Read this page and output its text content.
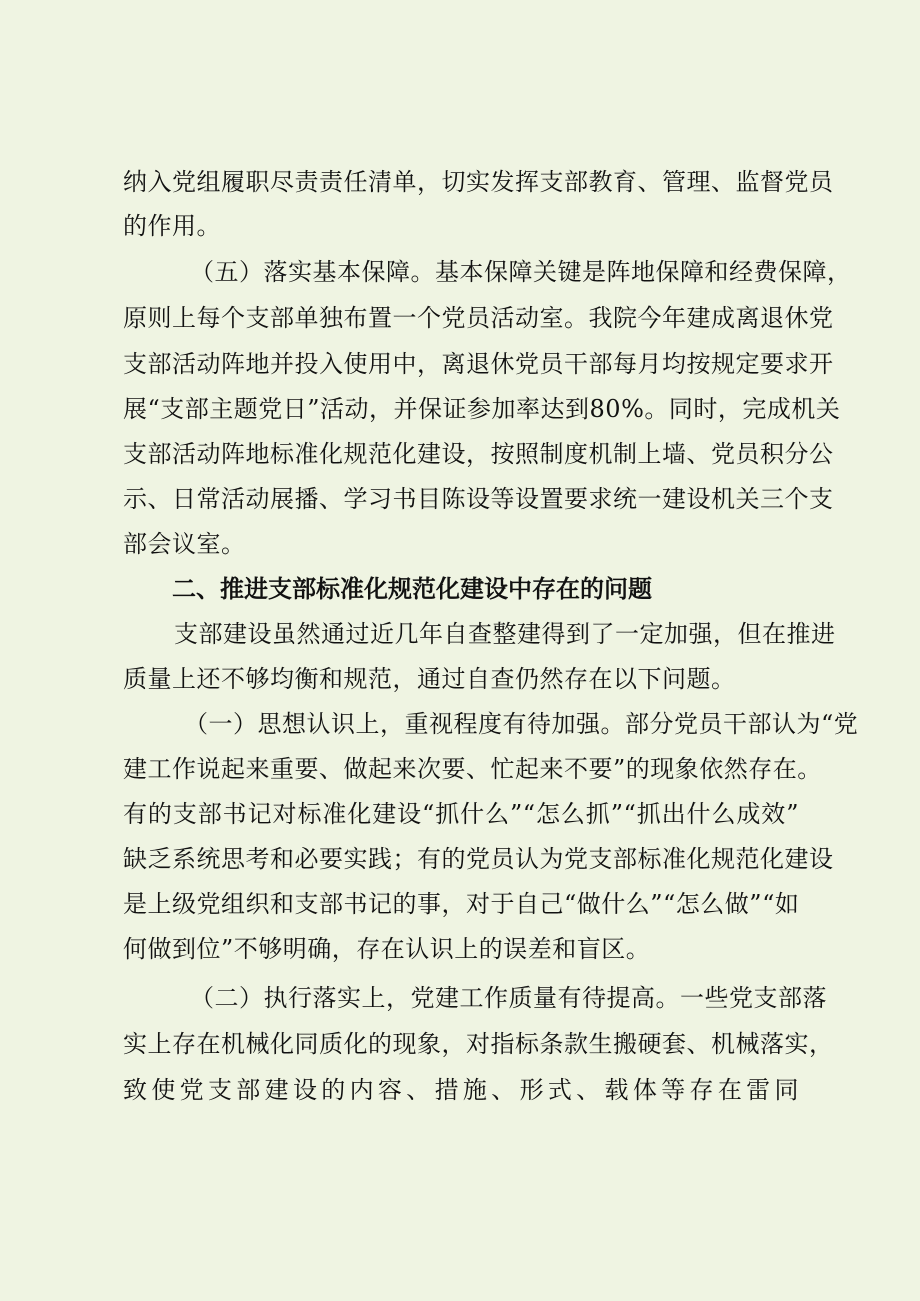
纳入党组履职尽责责任清单，切实发挥支部教育、管理、监督党员
的作用。
（五）落实基本保障。基本保障关键是阵地保障和经费保障，
原则上每个支部单独布置一个党员活动室。我院今年建成离退休党
支部活动阵地并投入使用中，离退休党员干部每月均按规定要求开
展“支部主题党日”活动，并保证参加率达到80%。同时，完成机关
支部活动阵地标准化规范化建设，按照制度机制上墙、党员积分公
示、日常活动展播、学习书目陈设等设置要求统一建设机关三个支
部会议室。
二、推进支部标准化规范化建设中存在的问题
支部建设虽然通过近几年自查整建得到了一定加强，但在推进
质量上还不够均衡和规范，通过自查仍然存在以下问题。
（一）思想认识上，重视程度有待加强。部分党员干部认为“党
建工作说起来重要、做起来次要、忙起来不要”的现象依然存在。
有的支部书记对标准化建设“抓什么”“怎么抓”“抓出什么成效”
缺乏系统思考和必要实践；有的党员认为党支部标准化规范化建设
是上级党组织和支部书记的事，对于自己“做什么”“怎么做”“如
何做到位”不够明确，存在认识上的误差和盲区。
（二）执行落实上，党建工作质量有待提高。一些党支部落
实上存在机械化同质化的现象，对指标条款生搬硬套、机械落实，
致使党支部建设的内容、措施、形式、载体等存在雷同
